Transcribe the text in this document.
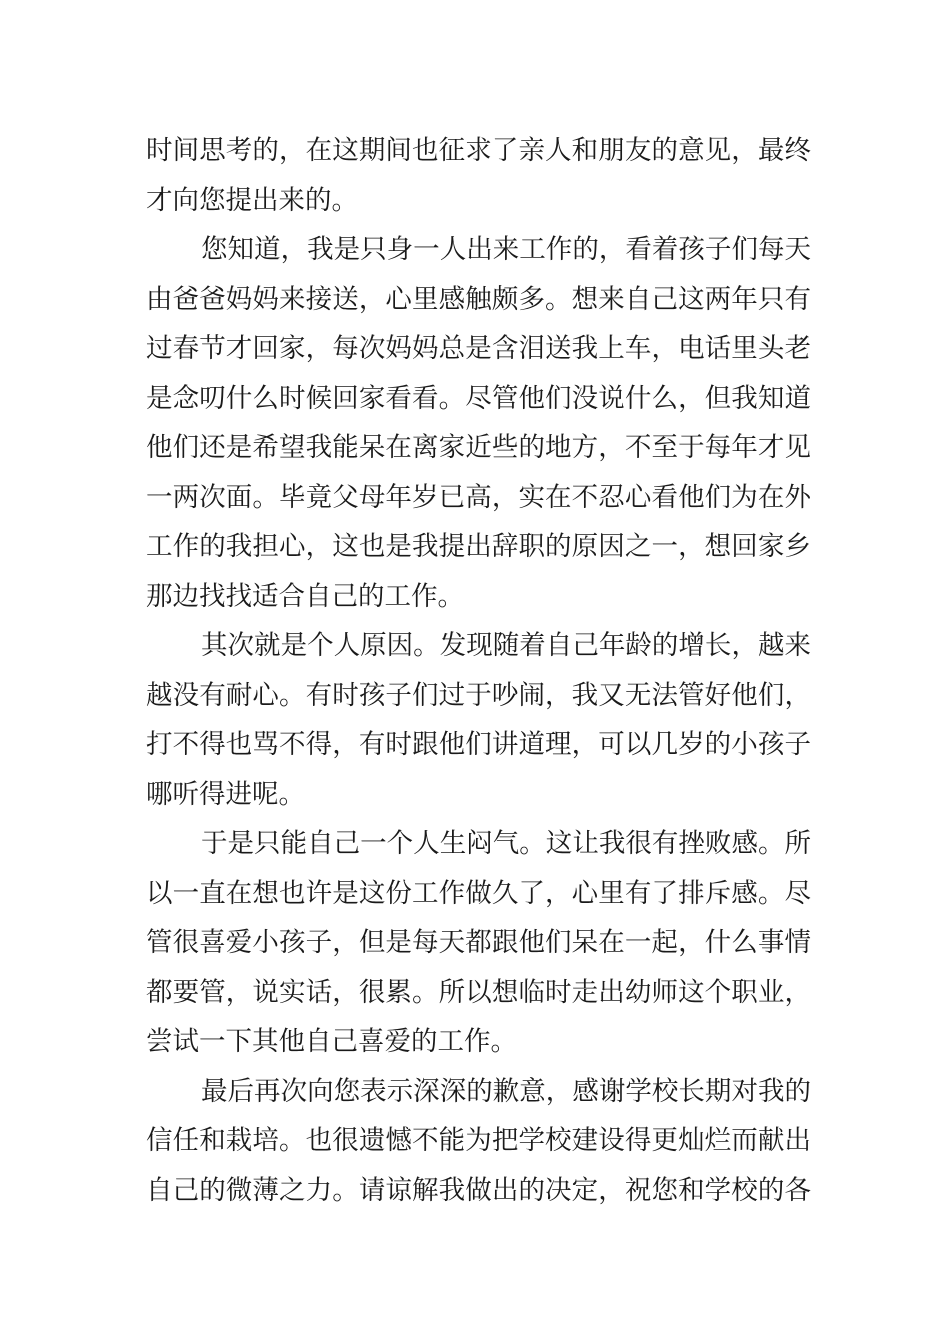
时间思考的，在这期间也征求了亲人和朋友的意见，最终
才向您提出来的。
您知道，我是只身一人出来工作的，看着孩子们每天
由爸爸妈妈来接送，心里感触颇多。想来自己这两年只有
过春节才回家，每次妈妈总是含泪送我上车，电话里头老
是念叨什么时候回家看看。尽管他们没说什么，但我知道
他们还是希望我能呆在离家近些的地方，不至于每年才见
一两次面。毕竟父母年岁已高，实在不忍心看他们为在外
工作的我担心，这也是我提出辞职的原因之一，想回家乡
那边找找适合自己的工作。
其次就是个人原因。发现随着自己年龄的增长，越来
越没有耐心。有时孩子们过于吵闹，我又无法管好他们，
打不得也骂不得，有时跟他们讲道理，可以几岁的小孩子
哪听得进呢。
于是只能自己一个人生闷气。这让我很有挫败感。所
以一直在想也许是这份工作做久了，心里有了排斥感。尽
管很喜爱小孩子，但是每天都跟他们呆在一起，什么事情
都要管，说实话，很累。所以想临时走出幼师这个职业，
尝试一下其他自己喜爱的工作。
最后再次向您表示深深的歉意，感谢学校长期对我的
信任和栽培。也很遗憾不能为把学校建设得更灿烂而献出
自己的微薄之力。请谅解我做出的决定，祝您和学校的各
